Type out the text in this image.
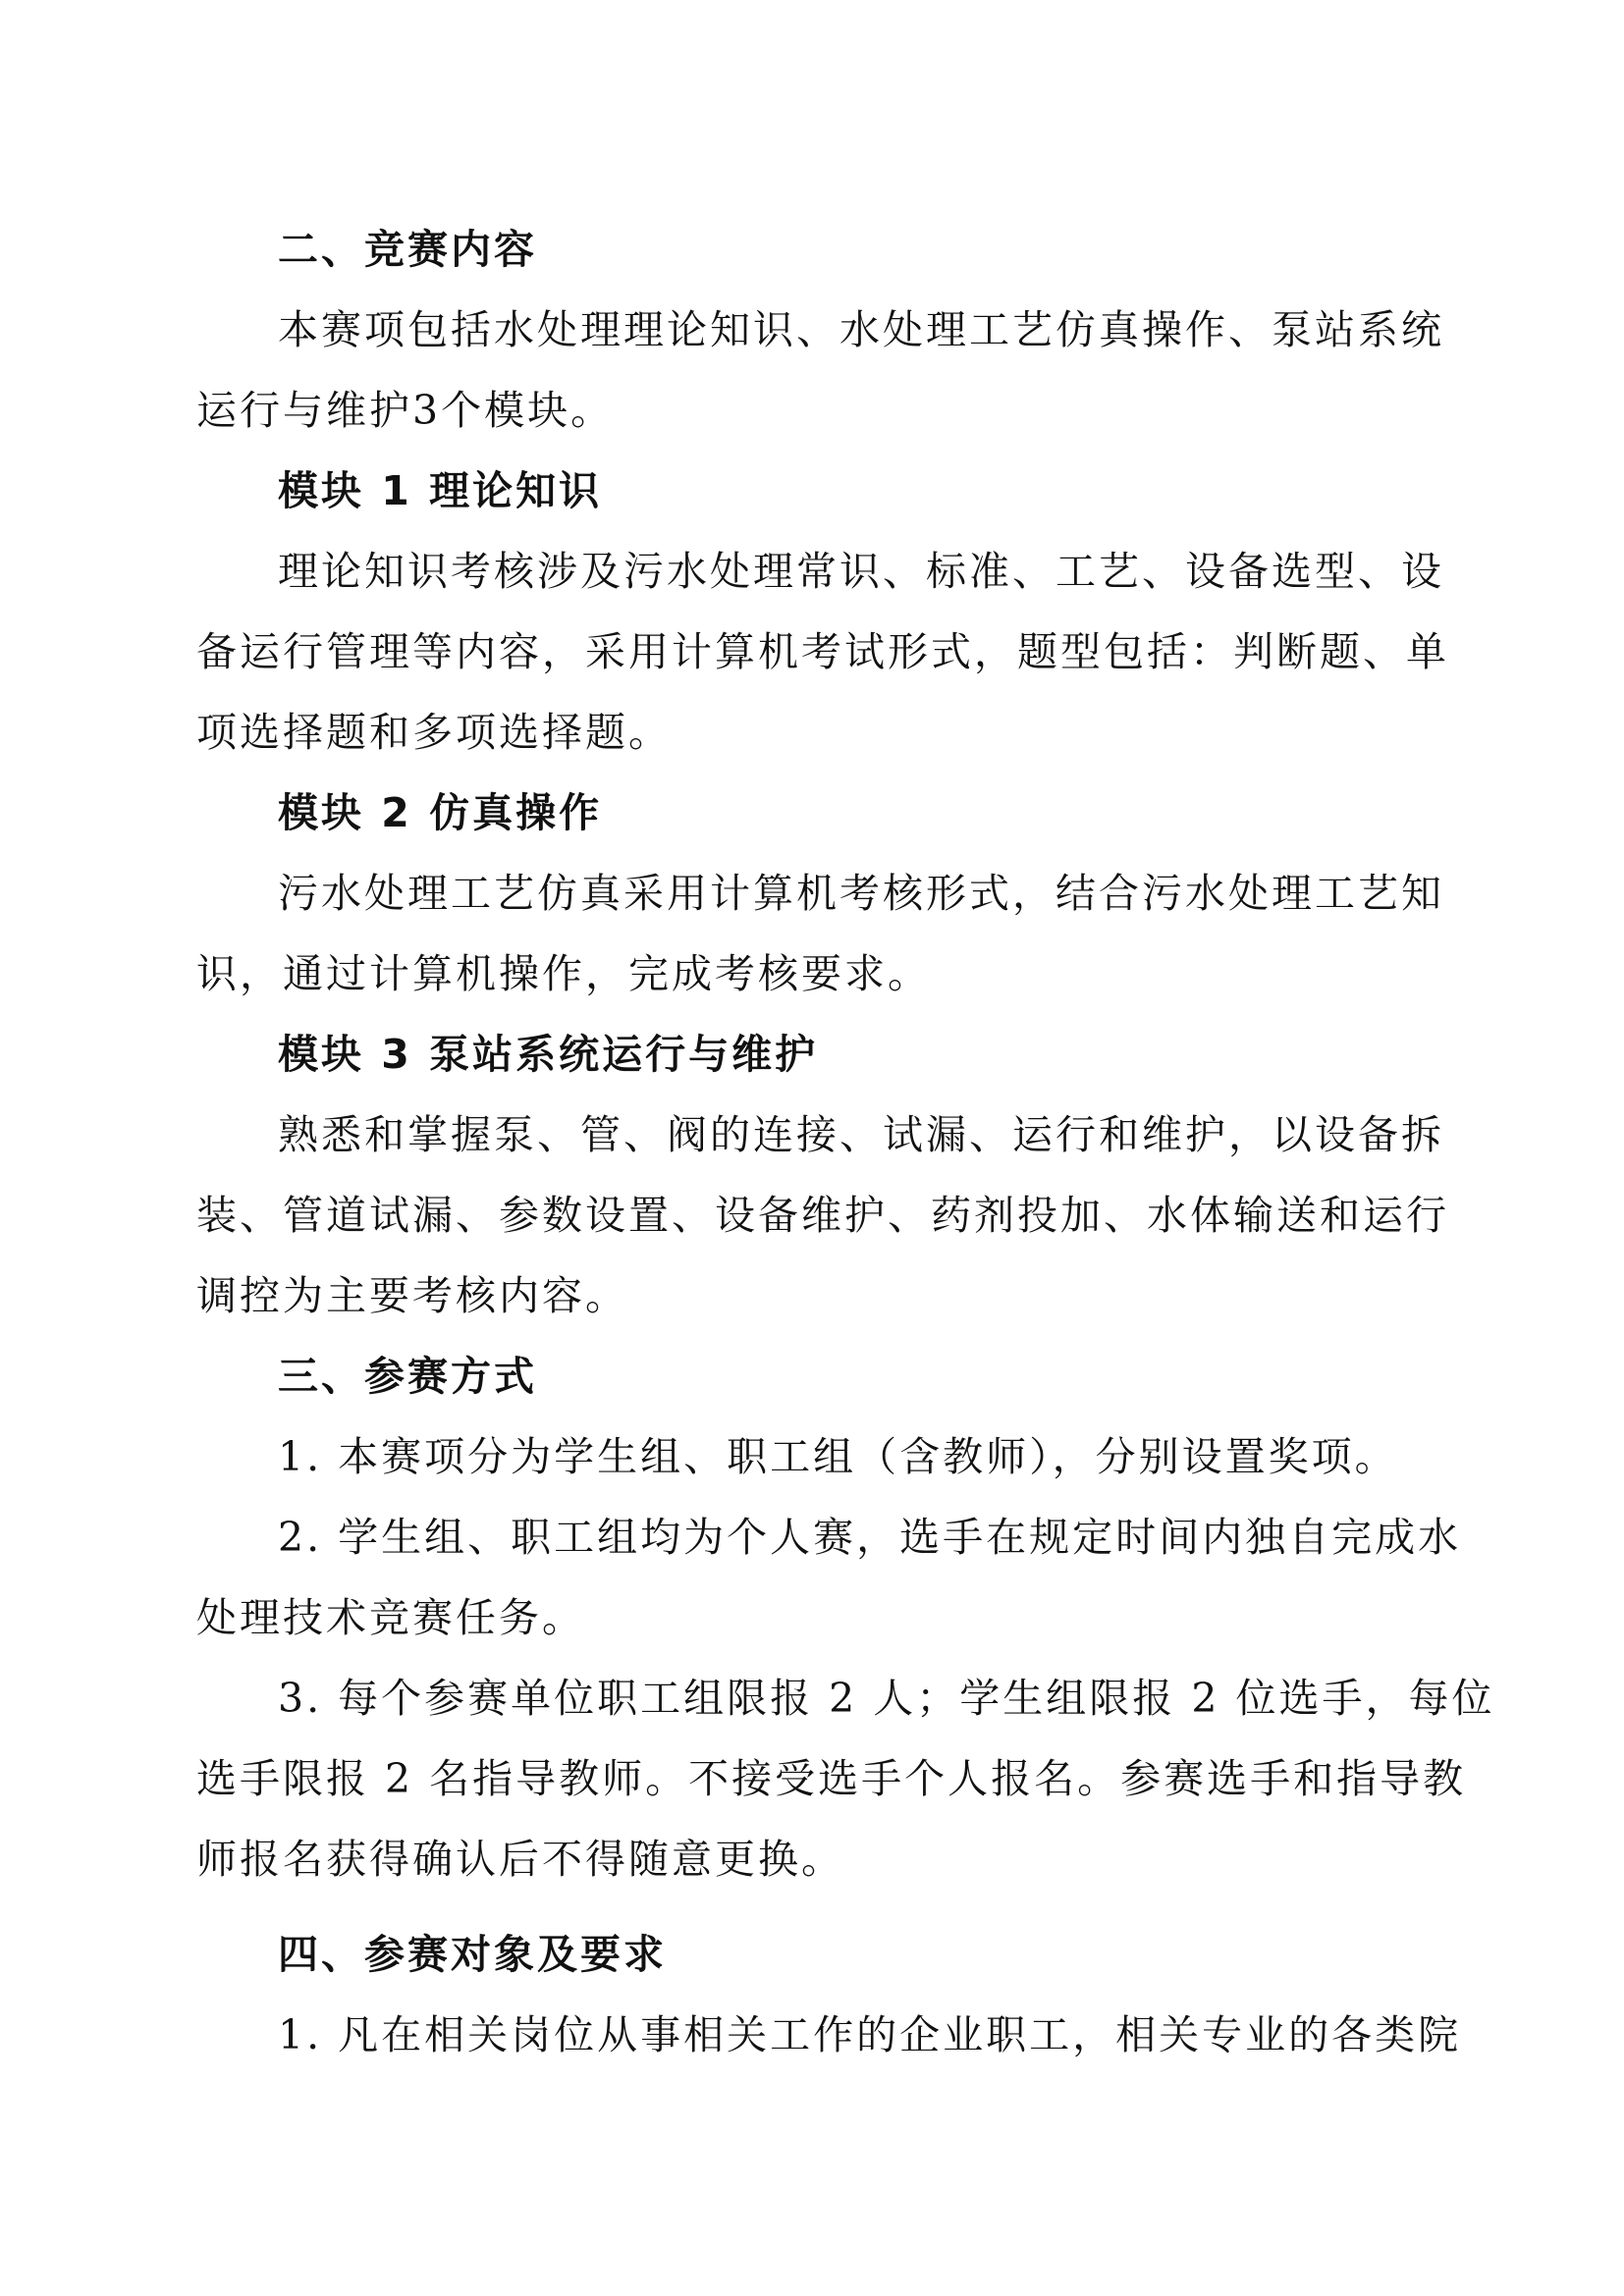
二、竞赛内容
本赛项包括水处理理论知识、水处理工艺仿真操作、泵站系统
运行与维护3个模块。
模块 1 理论知识
理论知识考核涉及污水处理常识、标准、工艺、设备选型、设
备运行管理等内容，采用计算机考试形式，题型包括：判断题、单
项选择题和多项选择题。
模块 2 仿真操作
污水处理工艺仿真采用计算机考核形式，结合污水处理工艺知
识，通过计算机操作，完成考核要求。
模块 3 泵站系统运行与维护
熟悉和掌握泵、管、阀的连接、试漏、运行和维护，以设备拆
装、管道试漏、参数设置、设备维护、药剂投加、水体输送和运行
调控为主要考核内容。
三、参赛方式
1. 本赛项分为学生组、职工组（含教师），分别设置奖项。
2. 学生组、职工组均为个人赛，选手在规定时间内独自完成水
处理技术竞赛任务。
3. 每个参赛单位职工组限报 2 人；学生组限报 2 位选手，每位
选手限报 2 名指导教师。不接受选手个人报名。参赛选手和指导教
师报名获得确认后不得随意更换。
四、参赛对象及要求
1. 凡在相关岗位从事相关工作的企业职工，相关专业的各类院
